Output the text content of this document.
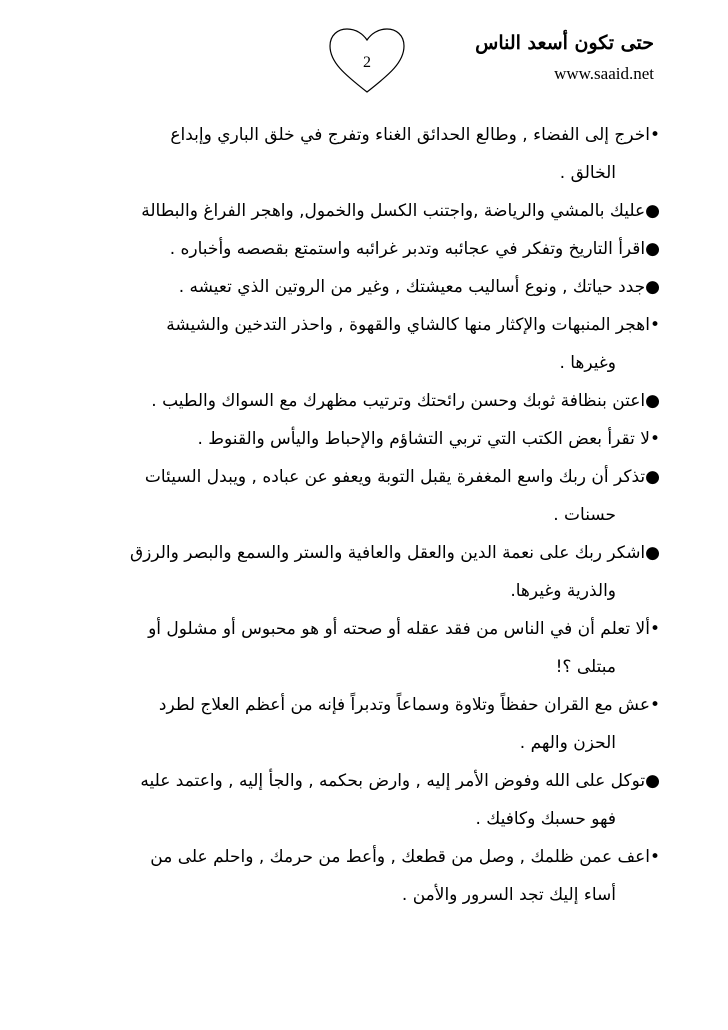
حتى تكون أسعد الناس
www.saaid.net
2
•اخرج إلى الفضاء , وطالع الحدائق الغناء وتفرج في خلق الباري وإبداع
الخالق .
●عليك بالمشي والرياضة ,واجتنب الكسل والخمول, واهجر الفراغ والبطالة
●اقرأ التاريخ وتفكر في عجائبه وتدبر غرائبه واستمتع بقصصه وأخباره .
●جدد حياتك , ونوع أساليب معيشتك , وغير من الروتين الذي تعيشه .
•اهجر المنبهات والإكثار منها كالشاي والقهوة , واحذر التدخين والشيشة
وغيرها .
●اعتن بنظافة ثوبك وحسن رائحتك وترتيب مظهرك مع السواك والطيب .
•لا تقرأ بعض الكتب التي تربي التشاؤم والإحباط واليأس والقنوط .
●تذكر أن ربك واسع المغفرة يقبل التوبة ويعفو عن عباده , ويبدل السيئات
حسنات .
●اشكر ربك على نعمة الدين والعقل والعافية والستر والسمع والبصر والرزق
والذرية وغيرها.
•ألا تعلم أن في الناس من فقد عقله أو صحته أو هو محبوس أو مشلول أو
مبتلى ؟!
•عش مع القران حفظاً وتلاوة وسماعاً وتدبراً فإنه من أعظم العلاج لطرد
الحزن والهم .
●توكل على الله وفوض الأمر إليه , وارض بحكمه , والجأ إليه , واعتمد عليه
فهو حسبك وكافيك .
•اعف عمن ظلمك , وصل من قطعك , وأعط من حرمك , واحلم على من
أساء إليك تجد السرور والأمن .
